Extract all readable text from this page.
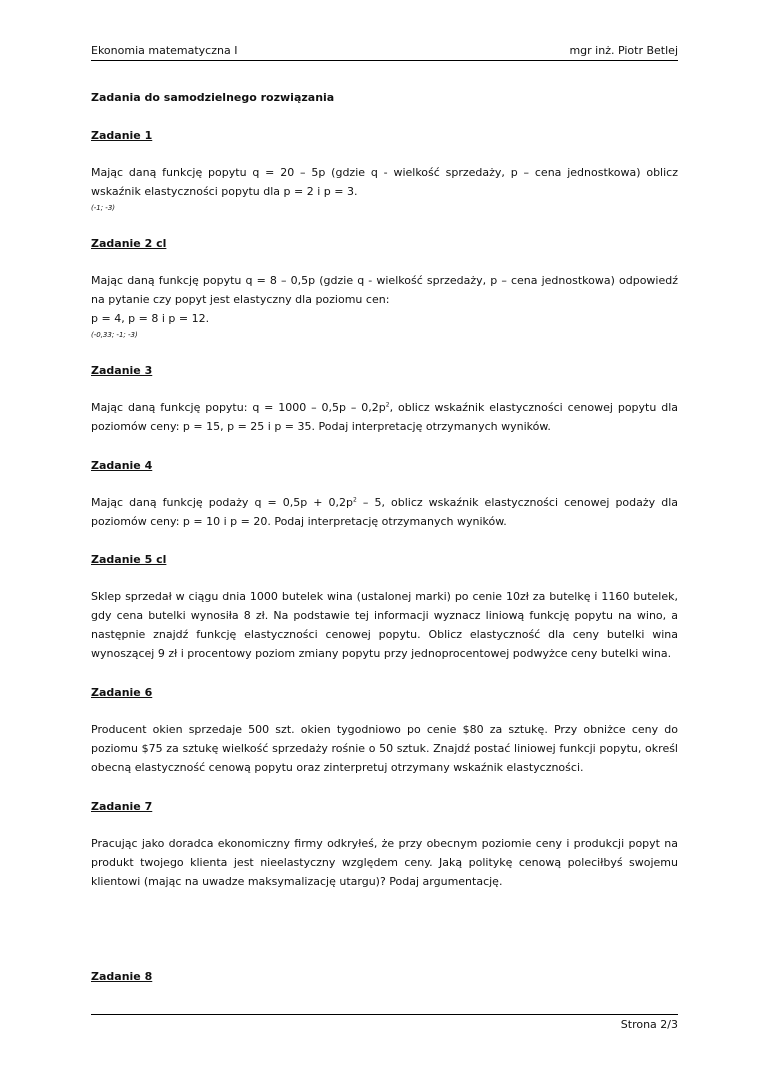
Ekonomia matematyczna I	mgr inż. Piotr Betlej
Zadania do samodzielnego rozwiązania
Zadanie 1
Mając daną funkcję popytu q = 20 – 5p (gdzie q - wielkość sprzedaży, p – cena jednostkowa) oblicz wskaźnik elastyczności popytu dla p = 2 i p = 3.
(-1; -3)
Zadanie 2 cl
Mając daną funkcję popytu q = 8 – 0,5p (gdzie q - wielkość sprzedaży, p – cena jednostkowa) odpowiedź na pytanie czy popyt jest elastyczny dla poziomu cen:
p = 4, p = 8 i p = 12.
(-0,33; -1; -3)
Zadanie 3
Mając daną funkcję popytu: $q = 1000 - 0,5p - 0,2p^2$, oblicz wskaźnik elastyczności cenowej popytu dla poziomów ceny: p = 15, p = 25 i p = 35. Podaj interpretację otrzymanych wyników.
Zadanie 4
Mając daną funkcję podaży $q = 0,5p + 0,2p^2 - 5$, oblicz wskaźnik elastyczności cenowej podaży dla poziomów ceny: p = 10 i p = 20. Podaj interpretację otrzymanych wyników.
Zadanie 5 cl
Sklep sprzedał w ciągu dnia 1000 butelek wina (ustalonej marki) po cenie 10zł za butelkę i 1160 butelek, gdy cena butelki wynosiła 8 zł. Na podstawie tej informacji wyznacz liniową funkcję popytu na wino, a następnie znajdź funkcję elastyczności cenowej popytu. Oblicz elastyczność dla ceny butelki wina wynoszącej 9 zł i procentowy poziom zmiany popytu przy jednoprocentowej podwyżce ceny butelki wina.
Zadanie 6
Producent okien sprzedaje 500 szt. okien tygodniowo po cenie $80 za sztukę. Przy obniżce ceny do poziomu $75 za sztukę wielkość sprzedaży rośnie o 50 sztuk. Znajdź postać liniowej funkcji popytu, określ obecną elastyczność cenową popytu oraz zinterpretuj otrzymany wskaźnik elastyczności.
Zadanie 7
Pracując jako doradca ekonomiczny firmy odkryłeś, że przy obecnym poziomie ceny i produkcji popyt na produkt twojego klienta jest nieelastyczny względem ceny. Jaką politykę cenową poleciłbyś swojemu klientowi (mając na uwadze maksymalizację utargu)? Podaj argumentację.
Zadanie 8
Strona 2/3
